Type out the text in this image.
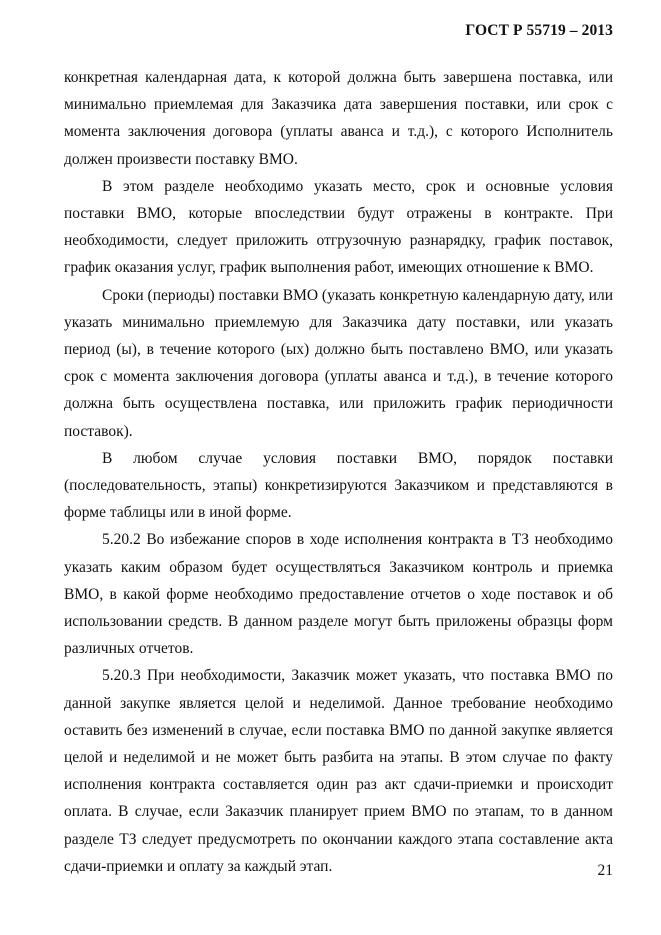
ГОСТ Р 55719 – 2013

конкретная календарная дата, к которой должна быть завершена поставка, или минимально приемлемая для Заказчика дата завершения поставки, или срок с момента заключения договора (уплаты аванса и т.д.), с которого Исполнитель должен произвести поставку ВМО.

В этом разделе необходимо указать место, срок и основные условия поставки ВМО, которые впоследствии будут отражены в контракте. При необходимости, следует приложить отгрузочную разнарядку, график поставок, график оказания услуг, график выполнения работ, имеющих отношение к ВМО.

Сроки (периоды) поставки ВМО (указать конкретную календарную дату, или указать минимально приемлемую для Заказчика дату поставки, или указать период (ы), в течение которого (ых) должно быть поставлено ВМО, или указать срок с момента заключения договора (уплаты аванса и т.д.), в течение которого должна быть осуществлена поставка, или приложить график периодичности поставок).

В любом случае условия поставки ВМО, порядок поставки (последовательность, этапы) конкретизируются Заказчиком и представляются в форме таблицы или в иной форме.

5.20.2 Во избежание споров в ходе исполнения контракта в ТЗ необходимо указать каким образом будет осуществляться Заказчиком контроль и приемка ВМО, в какой форме необходимо предоставление отчетов о ходе поставок и об использовании средств. В данном разделе могут быть приложены образцы форм различных отчетов.

5.20.3 При необходимости, Заказчик может указать, что поставка ВМО по данной закупке является целой и неделимой. Данное требование необходимо оставить без изменений в случае, если поставка ВМО по данной закупке является целой и неделимой и не может быть разбита на этапы. В этом случае по факту исполнения контракта составляется один раз акт сдачи-приемки и происходит оплата. В случае, если Заказчик планирует прием ВМО по этапам, то в данном разделе ТЗ следует предусмотреть по окончании каждого этапа составление акта сдачи-приемки и оплату за каждый этап.	21
